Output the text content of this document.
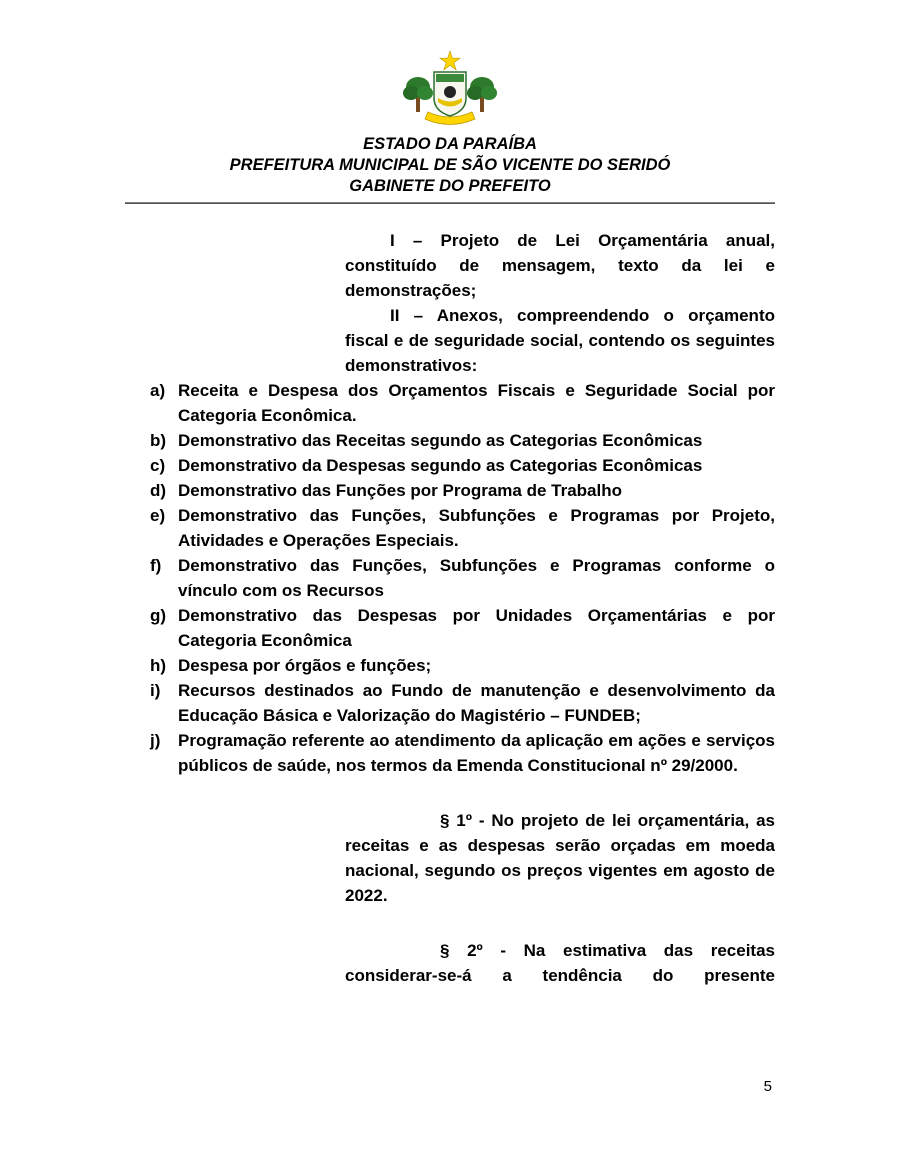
ESTADO DA PARAÍBA
PREFEITURA MUNICIPAL DE SÃO VICENTE DO SERIDÓ
GABINETE DO PREFEITO

I – Projeto de Lei Orçamentária anual, constituído de mensagem, texto da lei e demonstrações;

II – Anexos, compreendendo o orçamento fiscal e de seguridade social, contendo os seguintes demonstrativos:

a) Receita e Despesa dos Orçamentos Fiscais e Seguridade Social por Categoria Econômica.
b) Demonstrativo das Receitas segundo as Categorias Econômicas
c) Demonstrativo da Despesas segundo as Categorias Econômicas
d) Demonstrativo das Funções por Programa de Trabalho
e) Demonstrativo das Funções, Subfunções e Programas por Projeto, Atividades e Operações Especiais.
f) Demonstrativo das Funções, Subfunções e Programas conforme o vínculo com os Recursos
g) Demonstrativo das Despesas por Unidades Orçamentárias e por Categoria Econômica
h) Despesa por órgãos e funções;
i) Recursos destinados ao Fundo de manutenção e desenvolvimento da Educação Básica e Valorização do Magistério – FUNDEB;
j) Programação referente ao atendimento da aplicação em ações e serviços públicos de saúde, nos termos da Emenda Constitucional nº 29/2000.

§ 1º - No projeto de lei orçamentária, as receitas e as despesas serão orçadas em moeda nacional, segundo os preços vigentes em agosto de 2022.

§ 2º - Na estimativa das receitas considerar-se-á a tendência do presente

5
